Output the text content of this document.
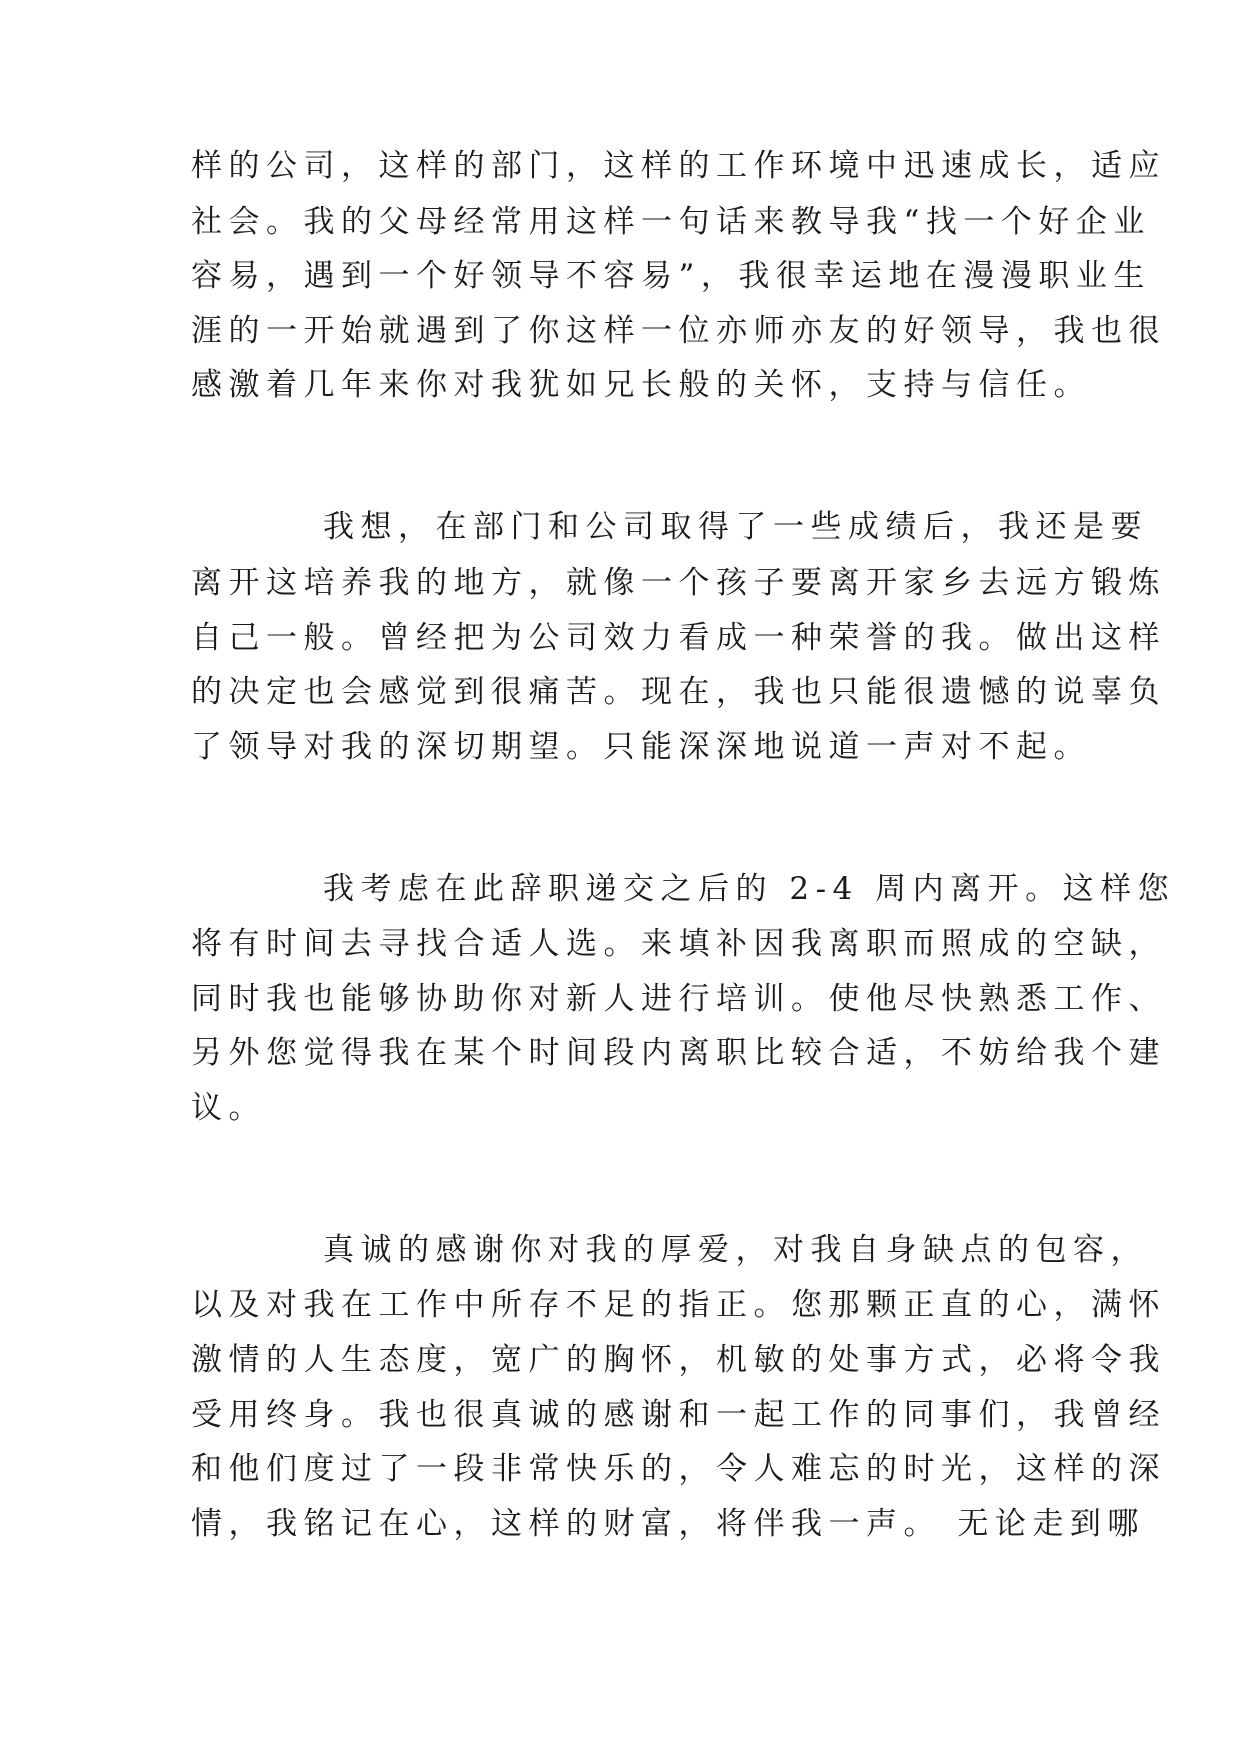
样的公司，这样的部门，这样的工作环境中迅速成长，适应
社会。我的父母经常用这样一句话来教导我“找一个好企业
容易，遇到一个好领导不容易”，我很幸运地在漫漫职业生
涯的一开始就遇到了你这样一位亦师亦友的好领导，我也很
感激着几年来你对我犹如兄长般的关怀，支持与信任。
我想，在部门和公司取得了一些成绩后，我还是要
离开这培养我的地方，就像一个孩子要离开家乡去远方锻炼
自己一般。曾经把为公司效力看成一种荣誉的我。做出这样
的决定也会感觉到很痛苦。现在，我也只能很遗憾的说辜负
了领导对我的深切期望。只能深深地说道一声对不起。
我考虑在此辞职递交之后的 2-4 周内离开。这样您
将有时间去寻找合适人选。来填补因我离职而照成的空缺，
同时我也能够协助你对新人进行培训。使他尽快熟悉工作、
另外您觉得我在某个时间段内离职比较合适，不妨给我个建
议。
真诚的感谢你对我的厚爱，对我自身缺点的包容，
以及对我在工作中所存不足的指正。您那颗正直的心，满怀
激情的人生态度，宽广的胸怀，机敏的处事方式，必将令我
受用终身。我也很真诚的感谢和一起工作的同事们，我曾经
和他们度过了一段非常快乐的，令人难忘的时光，这样的深
情，我铭记在心，这样的财富，将伴我一声。 无论走到哪
